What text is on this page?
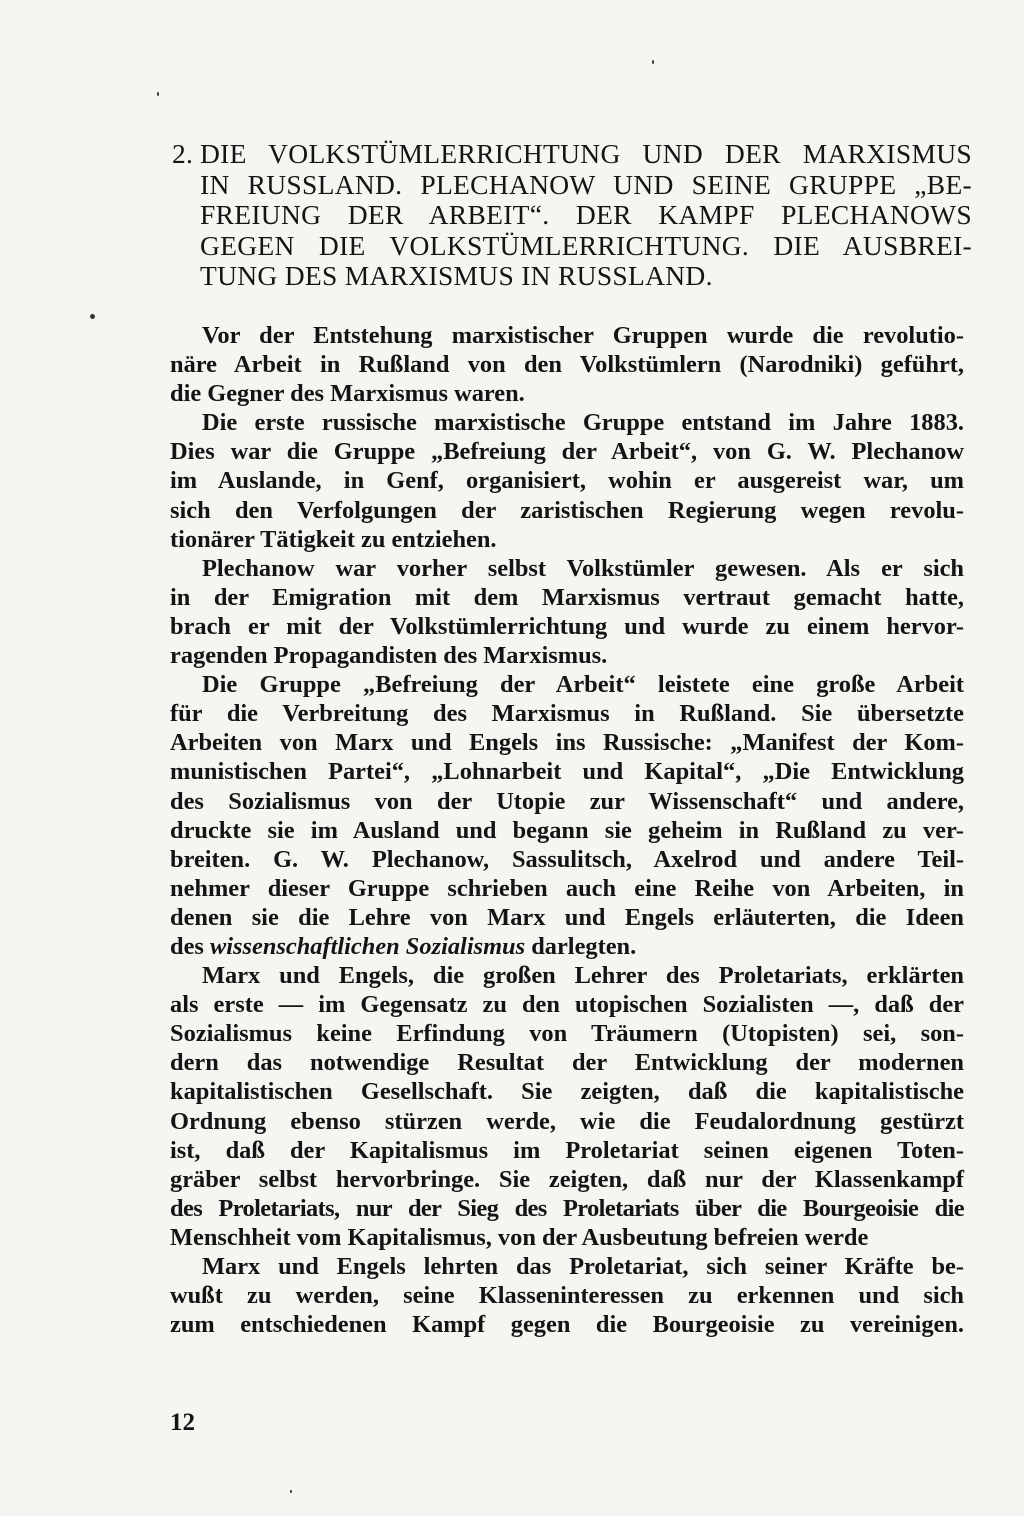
2. DIE VOLKSTÜMLERRICHTUNG UND DER MARXISMUS
IN RUSSLAND. PLECHANOW UND SEINE GRUPPE „BE-
FREIUNG DER ARBEIT“. DER KAMPF PLECHANOWS
GEGEN DIE VOLKSTÜMLERRICHTUNG. DIE AUSBREI-
TUNG DES MARXISMUS IN RUSSLAND.
Vor der Entstehung marxistischer Gruppen wurde die revolutio-
näre Arbeit in Rußland von den Volkstümlern (Narodniki) geführt,
die Gegner des Marxismus waren.
Die erste russische marxistische Gruppe entstand im Jahre 1883.
Dies war die Gruppe „Befreiung der Arbeit“, von G. W. Plechanow
im Auslande, in Genf, organisiert, wohin er ausgereist war, um
sich den Verfolgungen der zaristischen Regierung wegen revolu-
tionärer Tätigkeit zu entziehen.
Plechanow war vorher selbst Volkstümler gewesen. Als er sich
in der Emigration mit dem Marxismus vertraut gemacht hatte,
brach er mit der Volkstümlerrichtung und wurde zu einem hervor-
ragenden Propagandisten des Marxismus.
Die Gruppe „Befreiung der Arbeit“ leistete eine große Arbeit
für die Verbreitung des Marxismus in Rußland. Sie übersetzte
Arbeiten von Marx und Engels ins Russische: „Manifest der Kom-
munistischen Partei“, „Lohnarbeit und Kapital“, „Die Entwicklung
des Sozialismus von der Utopie zur Wissenschaft“ und andere,
druckte sie im Ausland und begann sie geheim in Rußland zu ver-
breiten. G. W. Plechanow, Sassulitsch, Axelrod und andere Teil-
nehmer dieser Gruppe schrieben auch eine Reihe von Arbeiten, in
denen sie die Lehre von Marx und Engels erläuterten, die Ideen
des wissenschaftlichen Sozialismus darlegten.
Marx und Engels, die großen Lehrer des Proletariats, erklärten
als erste — im Gegensatz zu den utopischen Sozialisten —, daß der
Sozialismus keine Erfindung von Träumern (Utopisten) sei, son-
dern das notwendige Resultat der Entwicklung der modernen
kapitalistischen Gesellschaft. Sie zeigten, daß die kapitalistische
Ordnung ebenso stürzen werde, wie die Feudalordnung gestürzt
ist, daß der Kapitalismus im Proletariat seinen eigenen Toten-
gräber selbst hervorbringe. Sie zeigten, daß nur der Klassenkampf
des Proletariats, nur der Sieg des Proletariats über die Bourgeoisie die
Menschheit vom Kapitalismus, von der Ausbeutung befreien werde
Marx und Engels lehrten das Proletariat, sich seiner Kräfte be-
wußt zu werden, seine Klasseninteressen zu erkennen und sich
zum entschiedenen Kampf gegen die Bourgeoisie zu vereinigen.
12
